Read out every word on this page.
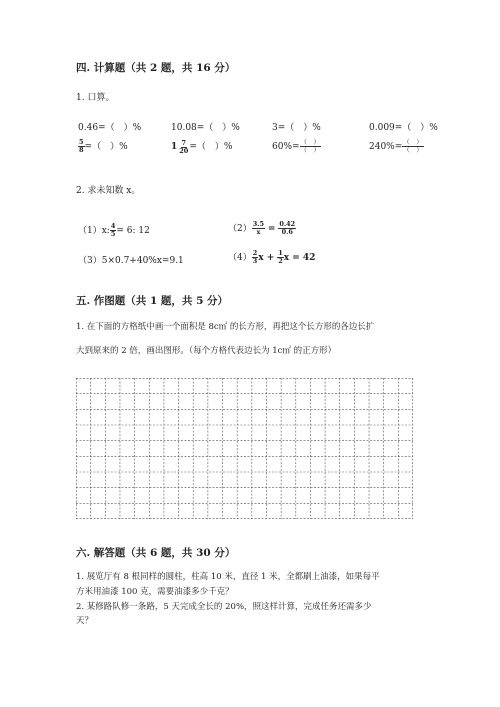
四. 计算题（共 2 题，共 16 分）
1. 口算。
0.46=（　）%	10.08=（　）%	3=（　）%	0.009=（　）%
$\frac{5}{8}$ =（　）%	$1 \frac{7}{20}$ =（　）%	$60\%= \frac{( )}{( )}$	$240\%= \frac{( )}{( )}$
2. 求未知数 x。
（1）x: $\frac{4}{5} = 6$: 12	$(2) \frac{3.5}{x} = \frac{0.42}{0.6}$
（3）5×0.7+40%x=9.1	$(4) \frac{2}{3}$ $x + \frac{1}{2}$ x = 42
五. 作图题（共 1 题，共 5 分）
1. 在下面的方格纸中画一个面积是 8c㎡ 的长方形，再把这个长方形的各边长扩
大到原来的 2 倍，画出图形。（每个方格代表边长为 1c㎡ 的正方形）
六. 解答题（共 6 题，共 30 分）
1. 展览厅有 8 根同样的圆柱，柱高 10 米，直径 1 米，全都刷上油漆，如果每平
方米用油漆 100 克，需要油漆多少千克？
2. 某修路队修一条路，5 天完成全长的 20%，照这样计算，完成任务还需多少
天？
